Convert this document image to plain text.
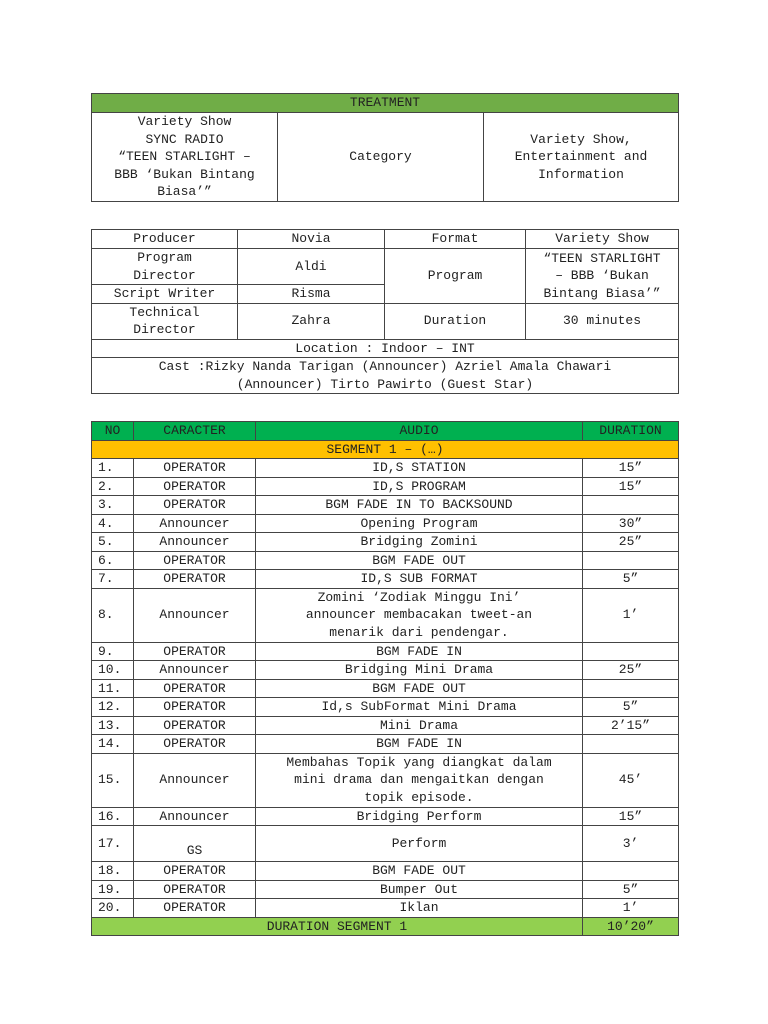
TREATMENT
Variety Show
SYNC RADIO
“TEEN STARLIGHT –
BBB ‘Bukan Bintang
Biasa’”	Category	Variety Show,
Entertainment and
Information
Producer	Novia	Format	Variety Show
Program
Director	Aldi	Program	“TEEN STARLIGHT
– BBB ‘Bukan
Bintang Biasa’”
Script Writer	Risma		
Technical
Director	Zahra	Duration	30 minutes
Location : Indoor – INT			
Cast :Rizky Nanda Tarigan (Announcer) Azriel Amala Chawari
(Announcer) Tirto Pawirto (Guest Star)			
NO	CARACTER	AUDIO	DURATION
SEGMENT 1 – (…)			
1.	OPERATOR	ID,S STATION	15”
2.	OPERATOR	ID,S PROGRAM	15”
3.	OPERATOR	BGM FADE IN TO BACKSOUND	
4.	Announcer	Opening Program	30”
5.	Announcer	Bridging Zomini	25”
6.	OPERATOR	BGM FADE OUT	
7.	OPERATOR	ID,S SUB FORMAT	5”
8.	Announcer	Zomini ‘Zodiak Minggu Ini’
announcer membacakan tweet-an
menarik dari pendengar.	1’
9.	OPERATOR	BGM FADE IN	
10.	Announcer	Bridging Mini Drama	25”
11.	OPERATOR	BGM FADE OUT	
12.	OPERATOR	Id,s SubFormat Mini Drama	5”
13.	OPERATOR	Mini Drama	2’15”
14.	OPERATOR	BGM FADE IN	
15.	Announcer	Membahas Topik yang diangkat dalam
mini drama dan mengaitkan dengan
topik episode.	45’
16.	Announcer	Bridging Perform	15”
17.	GS	Perform	3’
18.	OPERATOR	BGM FADE OUT	
19.	OPERATOR	Bumper Out	5”
20.	OPERATOR	Iklan	1’
DURATION SEGMENT 1			10’20”
